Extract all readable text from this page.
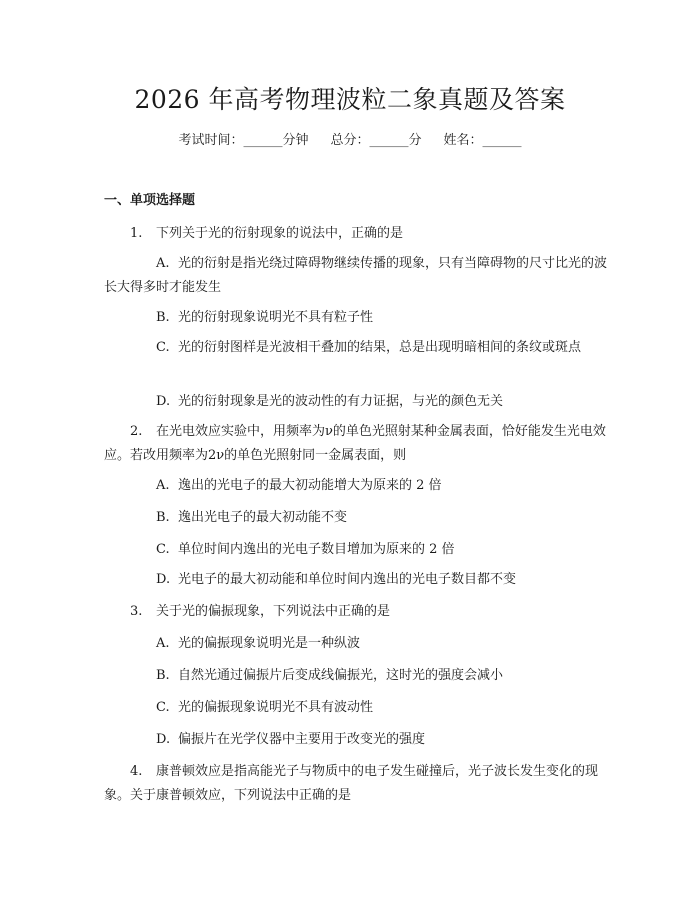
2026 年高考物理波粒二象真题及答案
考试时间：______分钟 总分：______分 姓名：______
一、单项选择题
1. 下列关于光的衍射现象的说法中，正确的是
A. 光的衍射是指光绕过障碍物继续传播的现象，只有当障碍物的尺寸比光的波长大得多时才能发生
B. 光的衍射现象说明光不具有粒子性
C. 光的衍射图样是光波相干叠加的结果，总是出现明暗相间的条纹或斑点
D. 光的衍射现象是光的波动性的有力证据，与光的颜色无关
2. 在光电效应实验中，用频率为ν的单色光照射某种金属表面，恰好能发生光电效应。若改用频率为2ν的单色光照射同一金属表面，则
A. 逸出的光电子的最大初动能增大为原来的 2 倍
B. 逸出光电子的最大初动能不变
C. 单位时间内逸出的光电子数目增加为原来的 2 倍
D. 光电子的最大初动能和单位时间内逸出的光电子数目都不变
3. 关于光的偏振现象，下列说法中正确的是
A. 光的偏振现象说明光是一种纵波
B. 自然光通过偏振片后变成线偏振光，这时光的强度会减小
C. 光的偏振现象说明光不具有波动性
D. 偏振片在光学仪器中主要用于改变光的强度
4. 康普顿效应是指高能光子与物质中的电子发生碰撞后，光子波长发生变化的现象。关于康普顿效应，下列说法中正确的是
